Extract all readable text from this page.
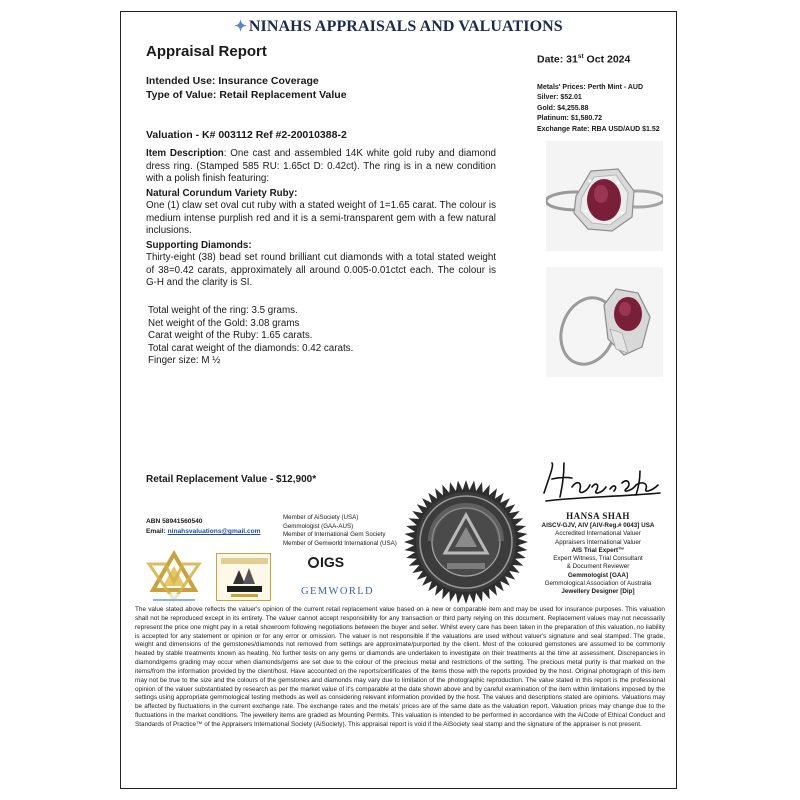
✦ NINAHS APPRAISALS AND VALUATIONS
Appraisal Report	Date: 31st Oct 2024
Intended Use: Insurance Coverage
Type of Value: Retail Replacement Value
Metals' Prices: Perth Mint - AUD
Silver: $52.01
Gold: $4,255.88
Platinum: $1,580.72
Exchange Rate: RBA USD/AUD $1.52
Valuation - K# 003112 Ref #2-20010388-2
Item Description: One cast and assembled 14K white gold ruby and diamond dress ring. (Stamped 585 RU: 1.65ct D: 0.42ct). The ring is in a new condition with a polish finish featuring:
Natural Corundum Variety Ruby:
One (1) claw set oval cut ruby with a stated weight of 1=1.65 carat. The colour is medium intense purplish red and it is a semi-transparent gem with a few natural inclusions.
Supporting Diamonds:
Thirty-eight (38) bead set round brilliant cut diamonds with a total stated weight of 38=0.42 carats, approximately all around 0.005-0.01ctct each. The colour is G-H and the clarity is SI.
Total weight of the ring: 3.5 grams.
Net weight of the Gold: 3.08 grams
Carat weight of the Ruby: 1.65 carats.
Total carat weight of the diamonds: 0.42 carats.
Finger size: M ½
Retail Replacement Value - $12,900*
ABN 58941560540
Email: ninahsvaluations@gmail.com
Member of AiSociety (USA)
Gemmologist (GAA-AUS)
Member of International Gem Society
Member of Gemworld International (USA)
IGS
GEMWORLD
HANSA SHAH
AISCV-GJV, AIV [AIV-Reg.# 0043] USA
Accredited International Valuer
Appraisers International Valuer
AIS Trial Expert™
Expert Witness, Trial Consultant
& Document Reviewer
Gemmologist [GAA]
Gemmological Association of Australia
Jewellery Designer [Dip]
The value stated above reflects the valuer's opinion of the current retail replacement value based on a new or comparable item and may be used for insurance purposes. This valuation shall not be reproduced except in its entirety. The valuer cannot accept responsibility for any transaction or third party relying on this document. Replacement values may not necessarily represent the price one might pay in a retail showroom following negotiations between the buyer and seller. Whilst every care has been taken in the preparation of this valuation, no liability is accepted for any statement or opinion or for any error or omission. The valuer is not responsible if the valuations are used without valuer's signature and seal stamped. The grade, weight and dimensions of the gemstones/diamonds not removed from settings are approximate/purported by the client. Most of the coloured gemstones are assumed to be commonly heated by stable treatments known as heating. No further tests on any gems or diamonds are undertaken to investigate on their treatments at the time at assessment. Discrepancies in diamond/gems grading may occur when diamonds/gems are set due to the colour of the precious metal and restrictions of the setting. The precious metal purity is that marked on the items/from the information provided by the client/host. Have accounted on the reports/certificates of the items those with the reports provided by the host. Original photograph of this item may not be true to the size and the colours of the gemstones and diamonds may vary due to limitation of the photographic reproduction. The value stated in this report is the professional opinion of the valuer substantiated by research as per the market value of it's comparable at the date shown above and by careful examination of the item within limitations imposed by the settings using appropriate gemmological testing methods as well as considering relevant information provided by the host. The values and descriptions stated are opinions. Valuations may be affected by fluctuations in the current exchange rate. The exchange rates and the metals' prices are of the same date as the valuation report. Valuation prices may change due to the fluctuations in the market conditions. The jewellery items are graded as Mounting Permits. This valuation is intended to be performed in accordance with the AiCode of Ethical Conduct and Standards of Practice™ of the Appraisers International Society (AiSociety). This appraisal report is void if the AiSociety seal stamp and the signature of the appraiser is not present.
